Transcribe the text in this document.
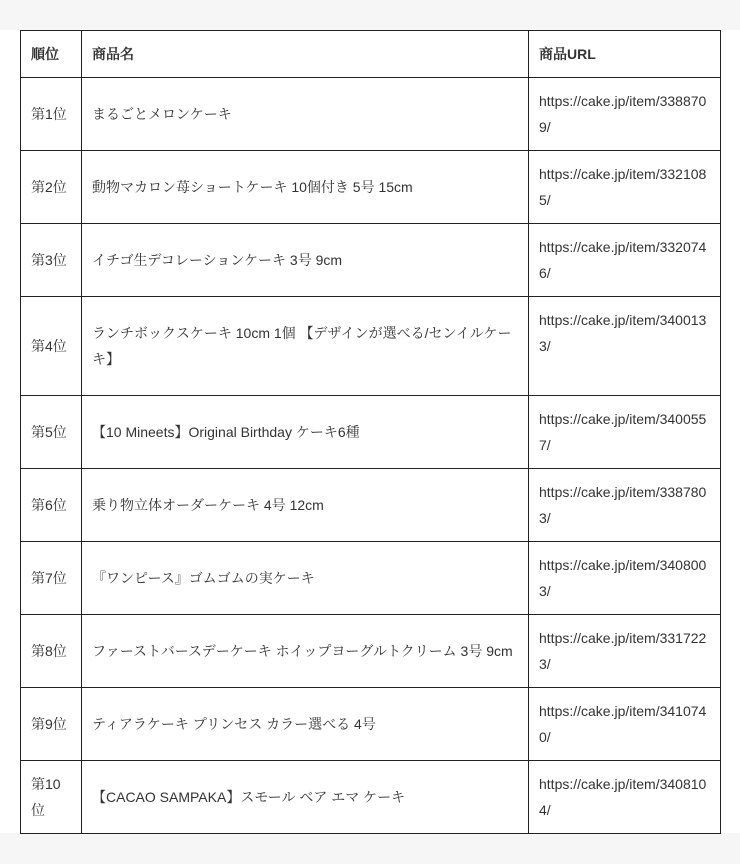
順位	商品名	商品URL
第1位	まるごとメロンケーキ	https://cake.jp/item/3388709/
第2位	動物マカロン苺ショートケーキ 10個付き 5号 15cm	https://cake.jp/item/3321085/
第3位	イチゴ生デコレーションケーキ 3号 9cm	https://cake.jp/item/3320746/
第4位	ランチボックスケーキ 10cm 1個 【デザインが選べる/センイルケーキ】	https://cake.jp/item/3400133/
第5位	【10 Mineets】Original Birthday ケーキ6種	https://cake.jp/item/3400557/
第6位	乗り物立体オーダーケーキ 4号 12cm	https://cake.jp/item/3387803/
第7位	『ワンピース』ゴムゴムの実ケーキ	https://cake.jp/item/3408003/
第8位	ファーストバースデーケーキ ホイップヨーグルトクリーム 3号 9cm	https://cake.jp/item/3317223/
第9位	ティアラケーキ プリンセス カラー選べる 4号	https://cake.jp/item/3410740/
第10位	【CACAO SAMPAKA】スモール ベア エマ ケーキ	https://cake.jp/item/3408104/
